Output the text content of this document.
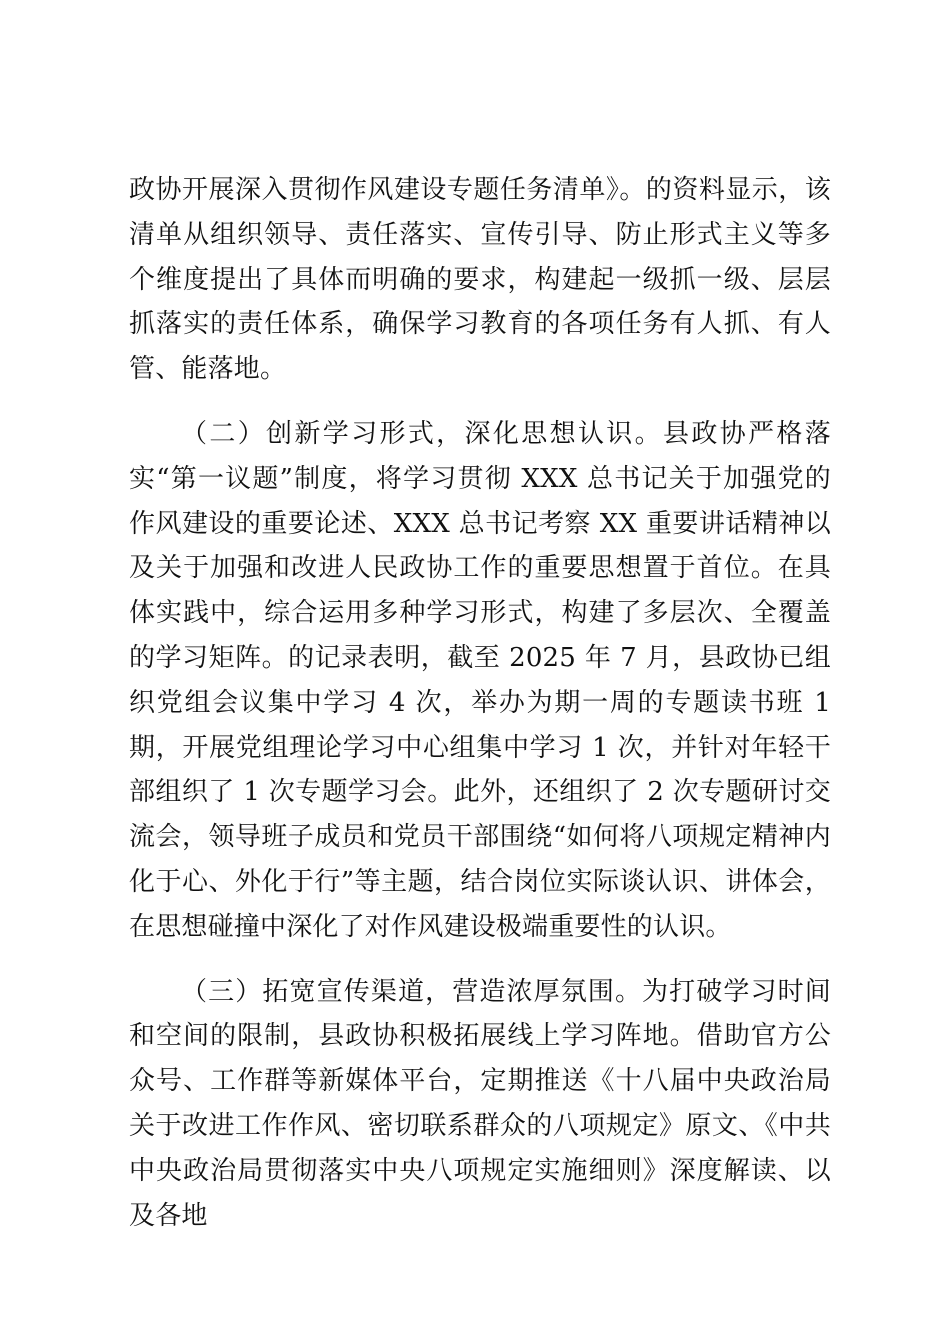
政协开展深入贯彻作风建设专题任务清单》。的资料显示，该清单从组织领导、责任落实、宣传引导、防止形式主义等多个维度提出了具体而明确的要求，构建起一级抓一级、层层抓落实的责任体系，确保学习教育的各项任务有人抓、有人管、能落地。

（二）创新学习形式，深化思想认识。县政协严格落实“第一议题”制度，将学习贯彻 XXX 总书记关于加强党的作风建设的重要论述、XXX 总书记考察 XX 重要讲话精神以及关于加强和改进人民政协工作的重要思想置于首位。在具体实践中，综合运用多种学习形式，构建了多层次、全覆盖的学习矩阵。的记录表明，截至 2025 年 7 月，县政协已组织党组会议集中学习 4 次，举办为期一周的专题读书班 1 期，开展党组理论学习中心组集中学习 1 次，并针对年轻干部组织了 1 次专题学习会。此外，还组织了 2 次专题研讨交流会，领导班子成员和党员干部围绕“如何将八项规定精神内化于心、外化于行”等主题，结合岗位实际谈认识、讲体会，在思想碰撞中深化了对作风建设极端重要性的认识。

（三）拓宽宣传渠道，营造浓厚氛围。为打破学习时间和空间的限制，县政协积极拓展线上学习阵地。借助官方公众号、工作群等新媒体平台，定期推送《十八届中央政治局关于改进工作作风、密切联系群众的八项规定》原文、《中共中央政治局贯彻落实中央八项规定实施细则》深度解读、以及各地
